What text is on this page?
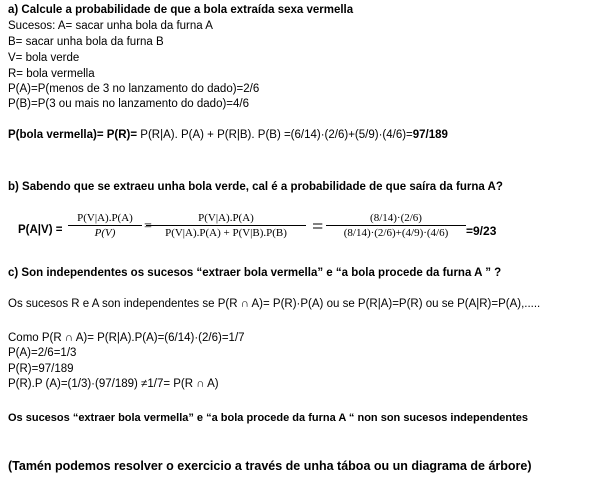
a) Calcule a probabilidade de que a bola extraída sexa vermella
Sucesos: A= sacar unha bola da furna A
B= sacar unha bola da furna B
V= bola verde
R= bola vermella
P(A)=P(menos de 3 no lanzamento do dado)=2/6
P(B)=P(3 ou mais no lanzamento do dado)=4/6
P(bola vermella)= P(R)= P(R|A). P(A) + P(R|B). P(B) =(6/14)·(2/6)+(5/9)·(4/6)=97/189
b) Sabendo que se extraeu unha bola verde, cal é a probabilidade de que saíra da furna A?
$P(A|V) = \frac{P(V|A).P(A)}{P(V)}$ =
$\frac{P(V|A).P(A)}{P(V|A).P(A) + P(V|B).P(B)} = \frac{(8/14)\cdot(2/6)}{(8/14)\cdot(2/6)+(4/9)\cdot(4/6)} =9/23$
c) Son independentes os sucesos “extraer bola vermella” e “a bola procede da furna A ” ?
Os sucesos R e A son independentes se P(R ∩ A)= P(R)·P(A) ou se P(R|A)=P(R) ou se P(A|R)=P(A),.....
Como P(R ∩ A)= P(R|A).P(A)=(6/14)·(2/6)=1/7
P(A)=2/6=1/3
P(R)=97/189
P(R).P (A)=(1/3)·(97/189) ≠1/7= P(R ∩ A)
Os sucesos “extraer bola vermella” e “a bola procede da furna A “ non son sucesos independentes
(Tamén podemos resolver o exercicio a través de unha táboa ou un diagrama de árbore)
